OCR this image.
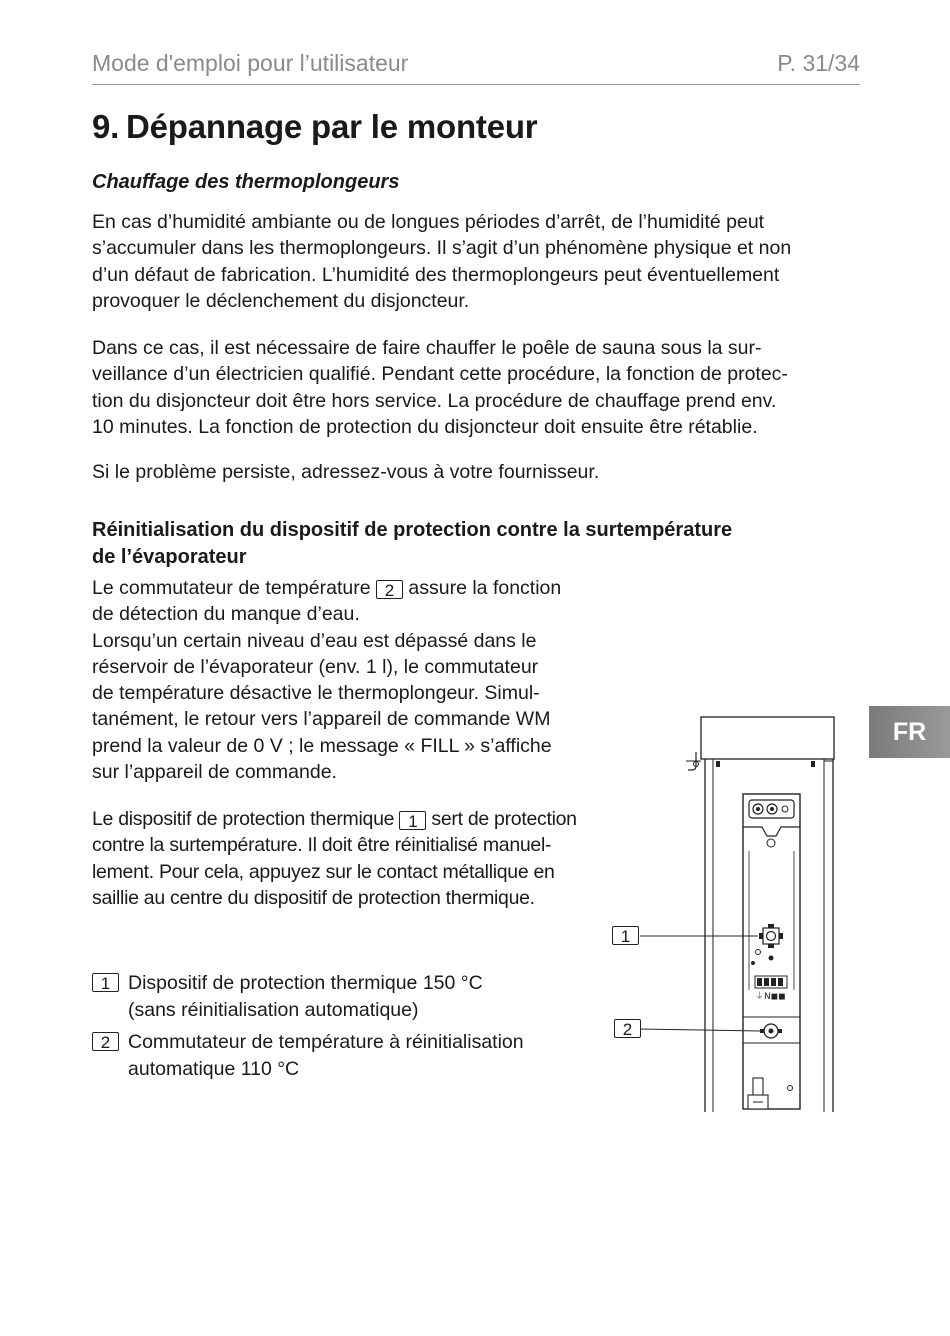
Mode d'emploi pour l’utilisateur	P. 31/34
9. Dépannage par le monteur

Chauffage des thermoplongeurs

En cas d’humidité ambiante ou de longues périodes d’arrêt, de l’humidité peut
s’accumuler dans les thermoplongeurs. Il s’agit d’un phénomène physique et non
d’un défaut de fabrication. L’humidité des thermoplongeurs peut éventuellement
provoquer le déclenchement du disjoncteur.

Dans ce cas, il est nécessaire de faire chauffer le poêle de sauna sous la sur-
veillance d’un électricien qualifié. Pendant cette procédure, la fonction de protec-
tion du disjoncteur doit être hors service. La procédure de chauffage prend env.
10 minutes. La fonction de protection du disjoncteur doit ensuite être rétablie.

Si le problème persiste, adressez-vous à votre fournisseur.

Réinitialisation du dispositif de protection contre la surtempérature
de l’évaporateur

Le commutateur de température 2 assure la fonction
de détection du manque d’eau.
Lorsqu’un certain niveau d’eau est dépassé dans le
réservoir de l’évaporateur (env. 1 l), le commutateur
de température désactive le thermoplongeur. Simul-
tanément, le retour vers l’appareil de commande WM
prend la valeur de 0 V ; le message « FILL » s’affiche
sur l’appareil de commande.

Le dispositif de protection thermique 1 sert de protection
contre la surtempérature. Il doit être réinitialisé manuel-
lement. Pour cela, appuyez sur le contact métallique en
saillie au centre du dispositif de protection thermique.

1 Dispositif de protection thermique 150 °C
(sans réinitialisation automatique)
2 Commutateur de température à réinitialisation
automatique 110 °C
FR
⏚N◼◼
1
2
